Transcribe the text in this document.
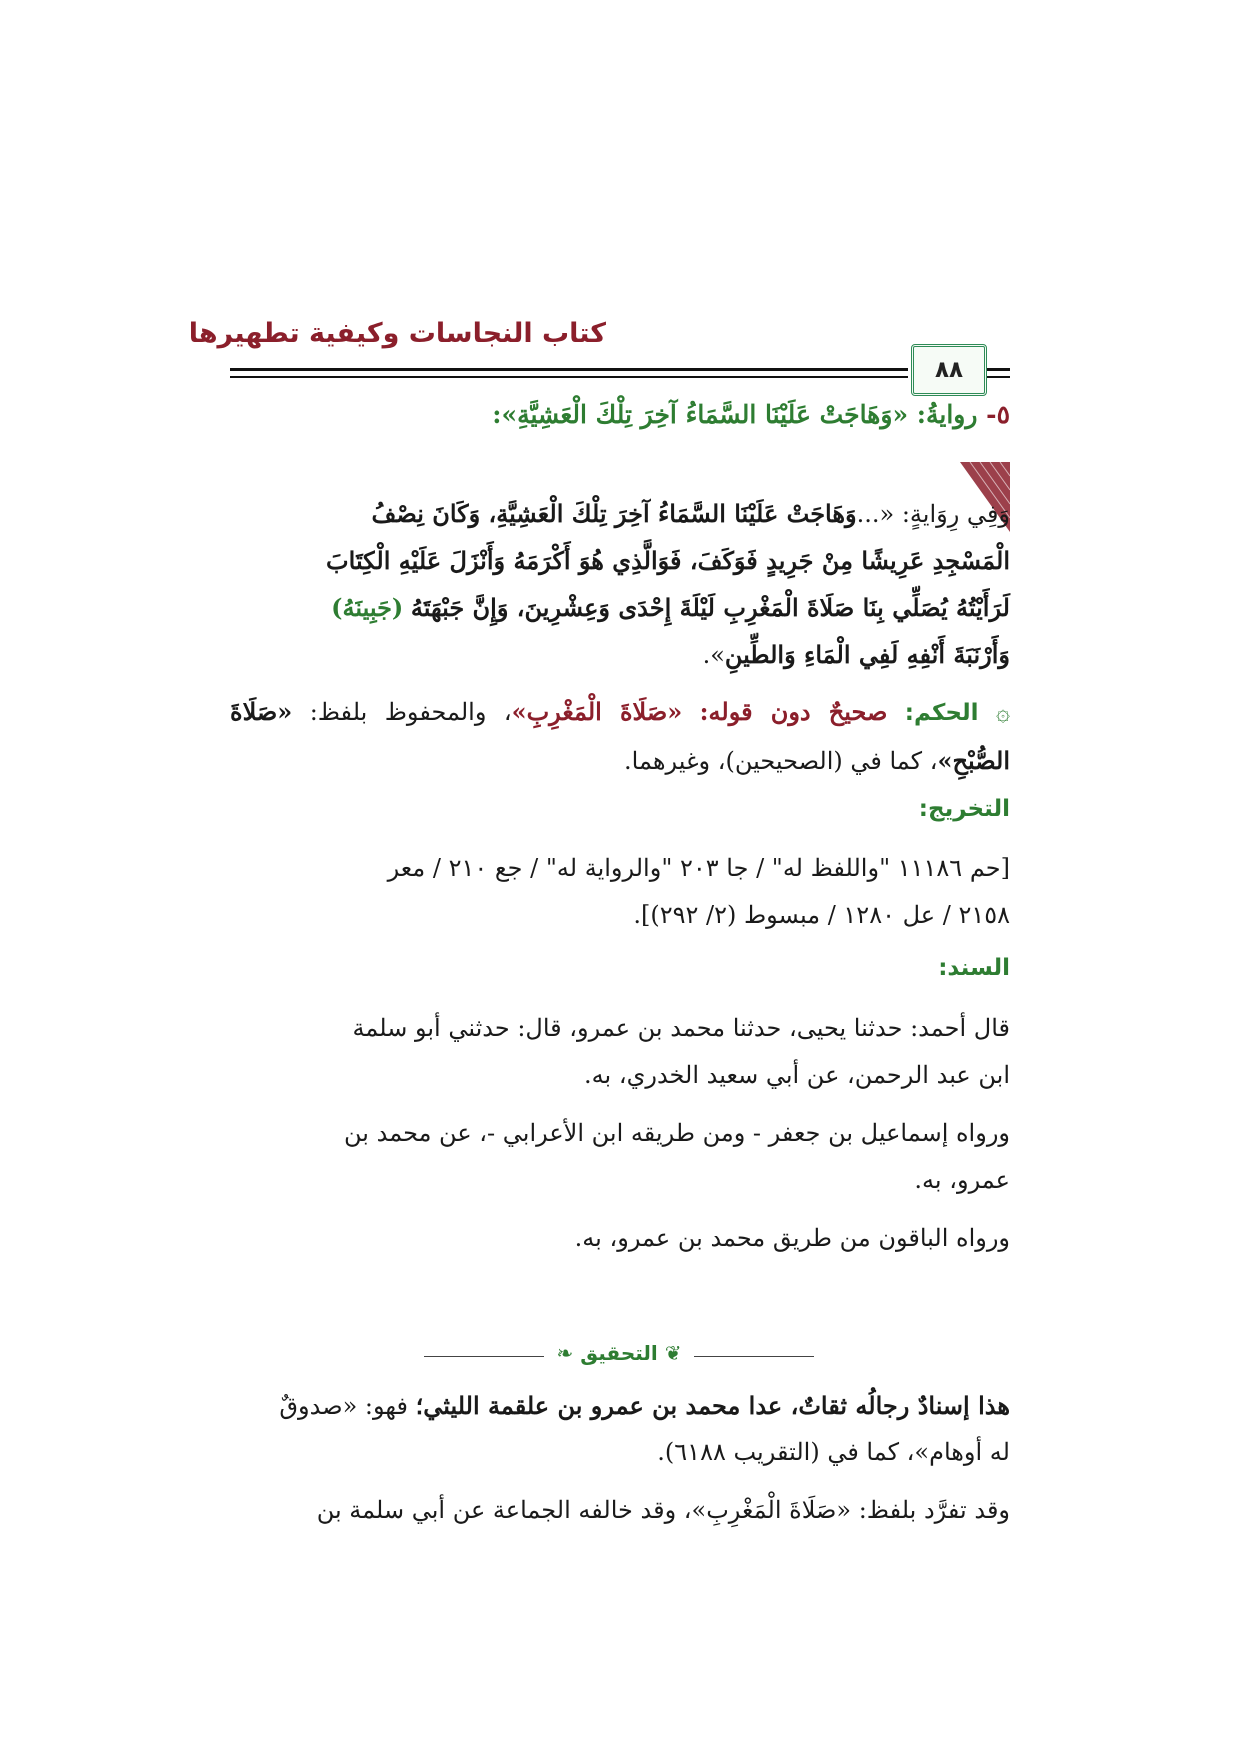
كتاب النجاسات وكيفية تطهيرها
٨٨
٥- روايةُ: «وَهَاجَتْ عَلَيْنَا السَّمَاءُ آخِرَ تِلْكَ الْعَشِيَّةِ»:
وَفِي رِوَايةٍ: «...وَهَاجَتْ عَلَيْنَا السَّمَاءُ آخِرَ تِلْكَ الْعَشِيَّةِ، وَكَانَ نِصْفُ
الْمَسْجِدِ عَرِيشًا مِنْ جَرِيدٍ فَوَكَفَ، فَوَالَّذِي هُوَ أَكْرَمَهُ وَأَنْزَلَ عَلَيْهِ الْكِتَابَ
لَرَأَيْتُهُ يُصَلِّي بِنَا صَلَاةَ الْمَغْرِبِ لَيْلَةَ إِحْدَى وَعِشْرِينَ، وَإِنَّ جَبْهَتَهُ (جَبِينَهُ)
وَأَرْنَبَةَ أَنْفِهِ لَفِي الْمَاءِ وَالطِّينِ».
۞ الحكم: صحيحٌ دون قوله: «صَلَاةَ الْمَغْرِبِ»، والمحفوظ بلفظ: «صَلَاةَ الصُّبْحِ»، كما في (الصحيحين)، وغيرهما.
التخريج:
[حم ١١١٨٦ "واللفظ له" / جا ٢٠٣ "والرواية له" / جع ٢١٠ / معر
٢١٥٨ / عل ١٢٨٠ / مبسوط (٢/ ٢٩٢)].
السند:
قال أحمد: حدثنا يحيى، حدثنا محمد بن عمرو، قال: حدثني أبو سلمة
ابن عبد الرحمن، عن أبي سعيد الخدري، به.
ورواه إسماعيل بن جعفر - ومن طريقه ابن الأعرابي -، عن محمد بن
عمرو، به.
ورواه الباقون من طريق محمد بن عمرو، به.
❦ التحقيق ❧
هذا إسنادٌ رجالُه ثقاتٌ، عدا محمد بن عمرو بن علقمة الليثي؛ فهو: «صدوقٌ
له أوهام»، كما في (التقريب ٦١٨٨).
وقد تفرَّد بلفظ: «صَلَاةَ الْمَغْرِبِ»، وقد خالفه الجماعة عن أبي سلمة بن
